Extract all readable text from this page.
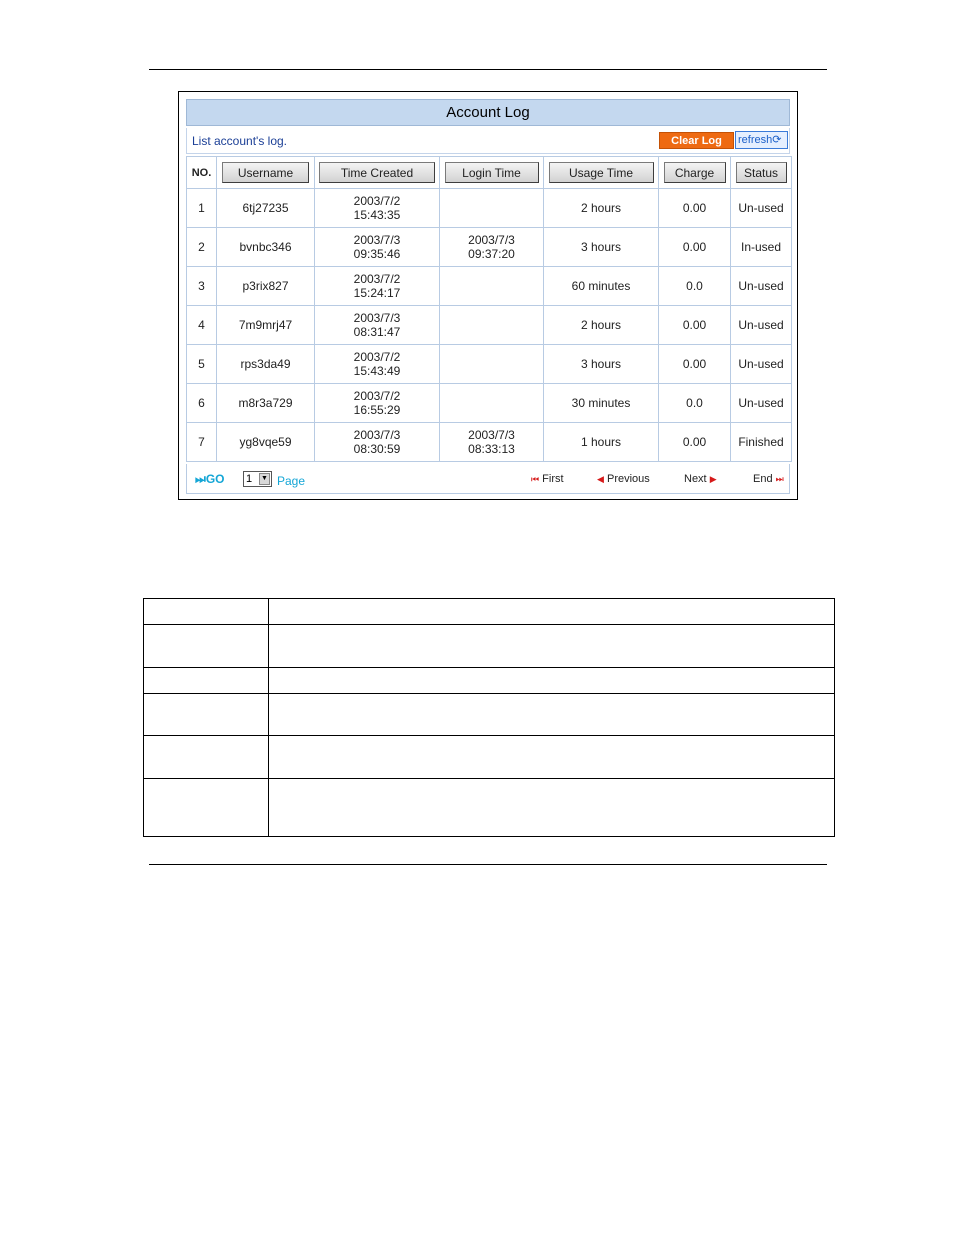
Account Log
List account's log.	Clear Log	refresh⟳
NO.	Username	Time Created	Login Time	Usage Time	Charge	Status
1	6tj27235	2003/7/2
15:43:35		2 hours	0.00	Un-used
2	bvnbc346	2003/7/3
09:35:46	2003/7/3
09:37:20	3 hours	0.00	In-used
3	p3rix827	2003/7/2
15:24:17		60 minutes	0.0	Un-used
4	7m9mrj47	2003/7/3
08:31:47		2 hours	0.00	Un-used
5	rps3da49	2003/7/2
15:43:49		3 hours	0.00	Un-used
6	m8r3a729	2003/7/2
16:55:29		30 minutes	0.0	Un-used
7	yg8vqe59	2003/7/3
08:30:59	2003/7/3
08:33:13	1 hours	0.00	Finished
⏭GO 1 ▼ Page	⏮ First	◀ Previous	Next ▶	End ⏭
